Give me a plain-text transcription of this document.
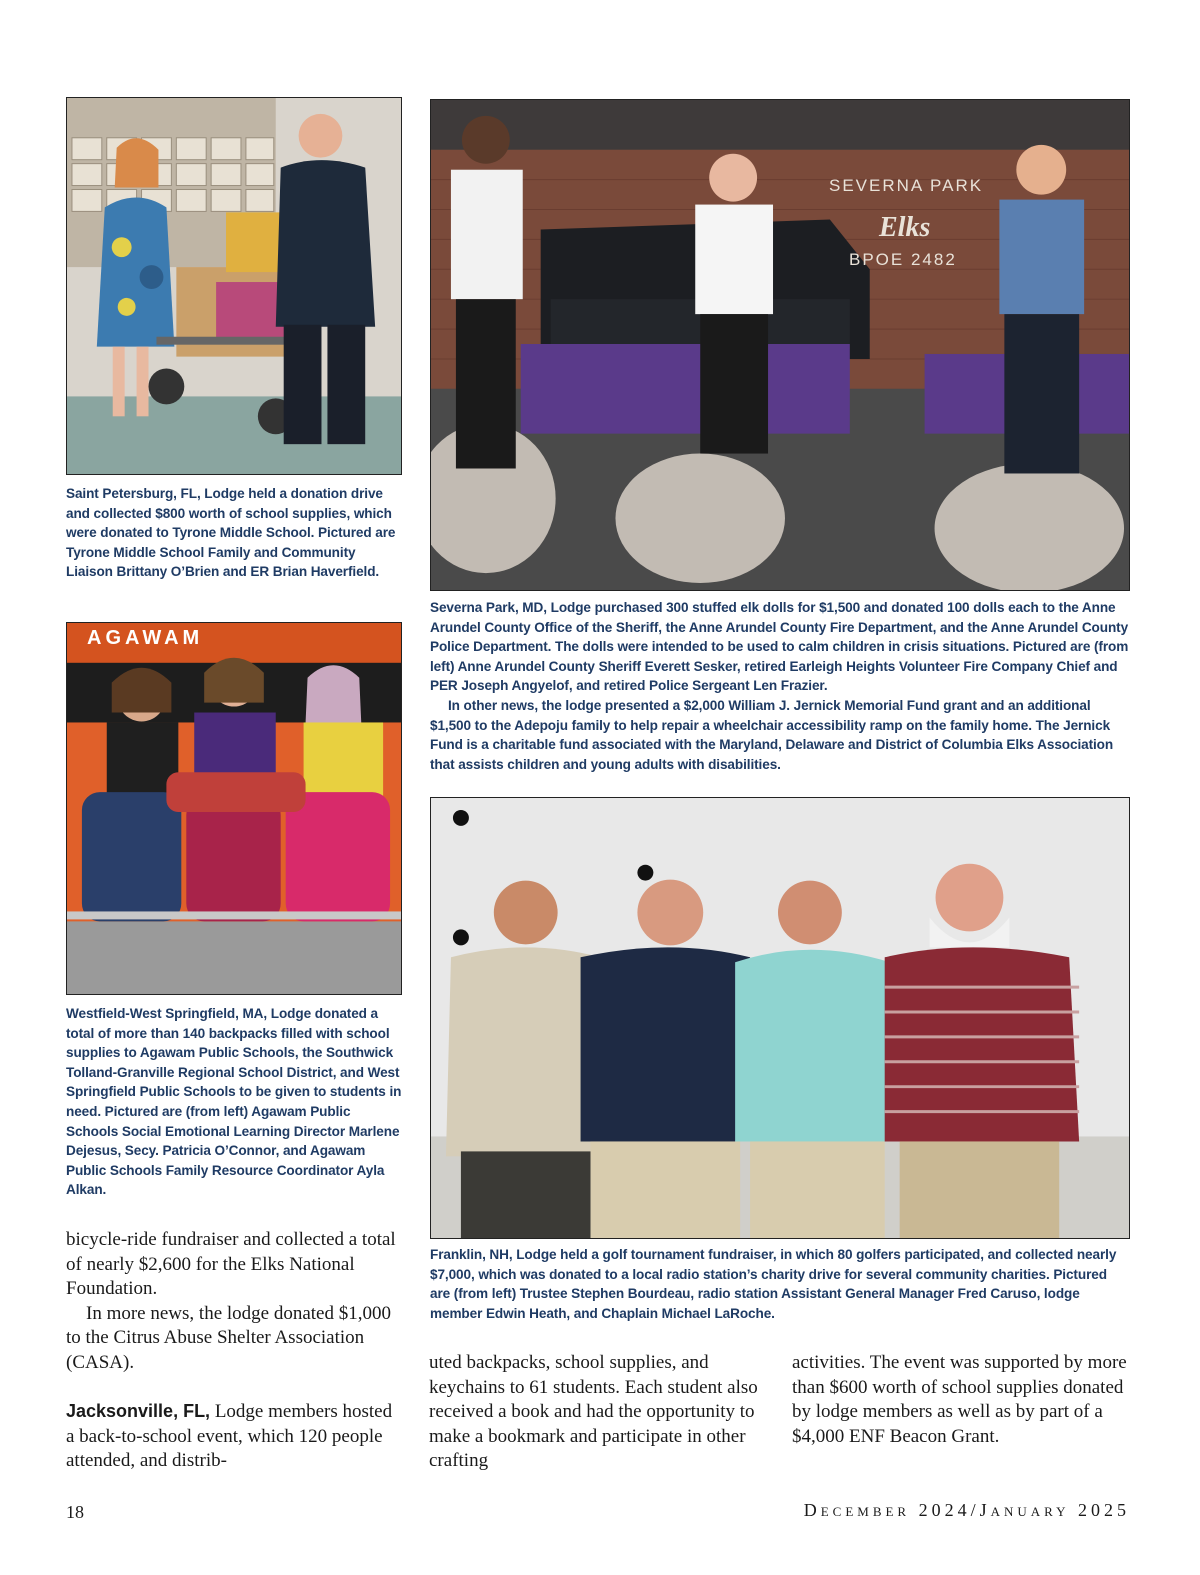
Saint Petersburg, FL, Lodge held a donation drive and collected $800 worth of school supplies, which were donated to Tyrone Middle School. Pictured are Tyrone Middle School Family and Community Liaison Brittany O’Brien and ER Brian Haverfield.
SEVERNA PARK
Elks
BPOE 2482
Severna Park, MD, Lodge purchased 300 stuffed elk dolls for $1,500 and donated 100 dolls each to the Anne Arundel County Office of the Sheriff, the Anne Arundel County Fire Department, and the Anne Arundel County Police Department. The dolls were intended to be used to calm children in crisis situations. Pictured are (from left) Anne Arundel County Sheriff Everett Sesker, retired Earleigh Heights Volunteer Fire Company Chief and PER Joseph Angyelof, and retired Police Sergeant Len Frazier.
In other news, the lodge presented a $2,000 William J. Jernick Memorial Fund grant and an additional $1,500 to the Adepoju family to help repair a wheelchair accessibility ramp on the family home. The Jernick Fund is a charitable fund associated with the Maryland, Delaware and District of Columbia Elks Association that assists children and young adults with disabilities.
AGAWAM
Westfield-West Springfield, MA, Lodge donated a total of more than 140 backpacks filled with school supplies to Agawam Public Schools, the Southwick Tolland-Granville Regional School District, and West Springfield Public Schools to be given to students in need. Pictured are (from left) Agawam Public Schools Social Emotional Learning Director Marlene Dejesus, Secy. Patricia O’Connor, and Agawam Public Schools Family Resource Coordinator Ayla Alkan.
Franklin, NH, Lodge held a golf tournament fundraiser, in which 80 golfers participated, and collected nearly $7,000, which was donated to a local radio station’s charity drive for several community charities. Pictured are (from left) Trustee Stephen Bourdeau, radio station Assistant General Manager Fred Caruso, lodge member Edwin Heath, and Chaplain Michael LaRoche.
bicycle-ride fundraiser and collected a total of nearly $2,600 for the Elks National Foundation.
In more news, the lodge donated $1,000 to the Citrus Abuse Shelter Association (CASA).
Jacksonville, FL, Lodge members hosted a back-to-school event, which 120 people attended, and distrib-
uted backpacks, school supplies, and keychains to 61 students. Each student also received a book and had the opportunity to make a bookmark and participate in other crafting
activities. The event was supported by more than $600 worth of school supplies donated by lodge members as well as by part of a $4,000 ENF Beacon Grant.
18	December 2024/January 2025
